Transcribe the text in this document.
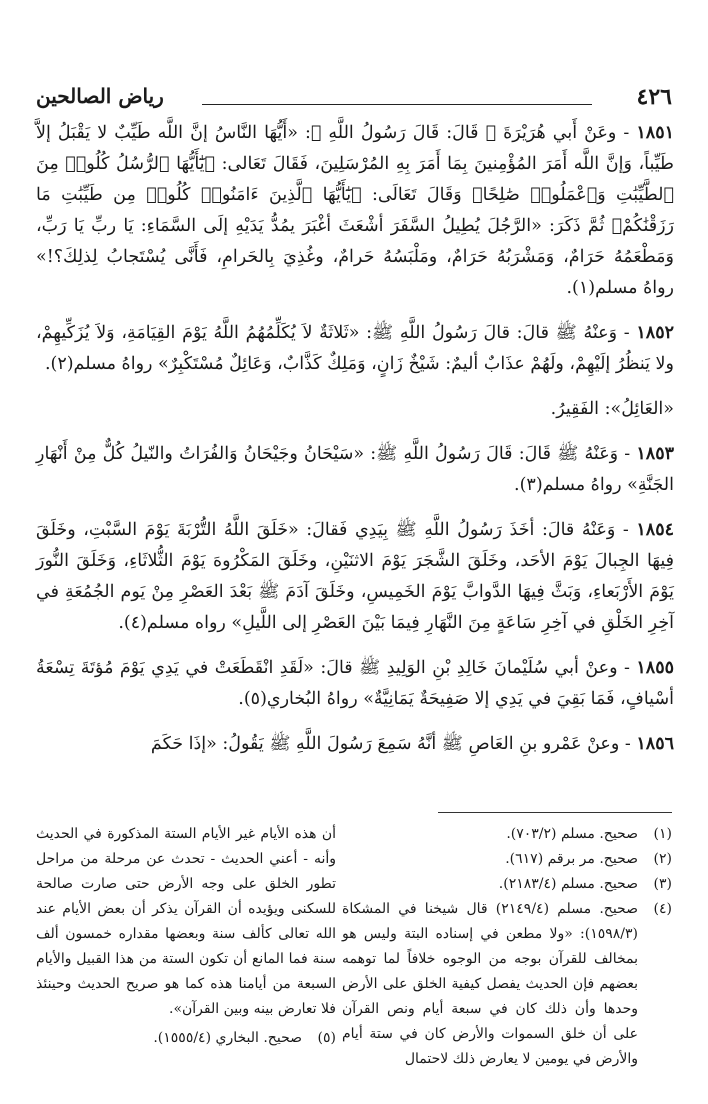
٤٢٦
رياض الصالحين

١٨٥١ - وعَنْ أَبي هُرَيْرَةَ ﷺ قَالَ: قَالَ رَسُولُ اللَّهِ ﷺ: «أَيُّهَا النَّاسُ إنَّ اللَّه طَيِّبٌ لا يَقْبَلُ إلاَّ طَيِّباً، وَإنَّ اللَّه أَمَرَ المُؤْمِنينَ بِمَا أَمَرَ بِهِ المُرْسَلِينَ، فَقَالَ تَعَالى: ﴿يَٰٓأَيُّهَا ٱلرُّسُلُ كُلُوا۟ مِنَ ٱلطَّيِّبَٰتِ وَٱعْمَلُوا۟ صَٰلِحًا﴾ وَقَالَ تَعَالَى: ﴿يَٰٓأَيُّهَا ٱلَّذِينَ ءَامَنُوا۟ كُلُوا۟ مِن طَيِّبَٰتِ مَا رَزَقْنَٰكُمْ﴾ ثُمَّ ذَكَرَ: «الرَّجُلَ يُطِيلُ السَّفَرَ أشْعَثَ أغْبَرَ يمُدُّ يَدَيْهِ إلَى السَّمَاءِ: يَا ربِّ يَا رَبِّ، وَمَطْعَمُهُ حَرَامٌ، وَمَشْرَبُهُ حَرَامٌ، ومَلْبَسُهُ حَرامٌ، وغُذِيَ بِالحَرامِ، فَأَنَّى يُسْتَجابُ لِذلِكَ؟!» رواهُ مسلم(١).

١٨٥٢ - وَعنْهُ ﷺ قالَ: قالَ رَسُولُ اللَّهِ ﷺ: «ثَلاثَةٌ لاَ يُكَلِّمُهُمُ اللَّهُ يَوْمَ القِيَامَةِ، وَلاَ يُزَكِّيهِمْ، ولا يَنظُرُ إلَيْهِمْ، ولَهُمْ عذَابٌ أليمٌ: شَيْخٌ زَانٍ، وَمَلِكٌ كَذَّابٌ، وَعَائِلٌ مُسْتَكْبِرٌ» رواهُ مسلم(٢).

«العَائِلُ»: الفَقِيرُ.

١٨٥٣ - وَعَنْهُ ﷺ قَالَ: قَالَ رَسُولُ اللَّهِ ﷺ: «سَيْحَانُ وجَيْحَانُ وَالفُرَاتُ والنّيلُ كُلٌّ مِنْ أَنْهَارِ الجَنَّةِ» رواهُ مسلم(٣).

١٨٥٤ - وَعَنْهُ قالَ: أخَذَ رَسُولُ اللَّهِ ﷺ بِيَدِي فَقالَ: «خَلَقَ اللَّهُ التُّرْبَةَ يَوْمَ السَّبْتِ، وخَلَقَ فِيهَا الجِبالَ يَوْمَ الأحَد، وخَلَقَ الشَّجَرَ يَوْمَ الاثنَيْنِ، وخَلَقَ المَكْرُوهَ يَوْمَ الثُّلاثَاءِ، وَخَلَقَ النُّورَ يَوْمَ الأَرْبَعاءِ، وَبَثَّ فِيهَا الدَّوابَّ يَوْمَ الخَمِيسِ، وخَلَقَ آدَمَ ﷺ بَعْدَ العَصْرِ مِنْ يَوم الجُمُعَةِ في آخِرِ الخَلْقِ في آخِرِ سَاعَةٍ مِنَ النَّهَارِ فِيمَا بَيْنَ العَصْرِ إلى اللَّيلِ» رواه مسلم(٤).

١٨٥٥ - وعنْ أبي سُلَيْمانَ خَالِدِ بْنِ الوَلِيدِ ﷺ قالَ: «لَقَدِ انْقَطَعَتْ في يَدِي يَوْمَ مُؤتَةَ تِسْعَةُ أسْيافٍ، فَمَا بَقِيَ في يَدِي إلا صَفِيحَةٌ يَمَانِيَّةٌ» رواهُ البُخاري(٥).

١٨٥٦ - وعنْ عَمْرو بنِ العَاصِ ﷺ أنَّهُ سَمِعَ رَسُولَ اللَّهِ ﷺ يَقُولُ: «إذَا حَكَمَ

(١)
صحيح. مسلم (٧٠٣/٢).
(٢)
صحيح. مر برقم (٦١٧).
(٣)
صحيح. مسلم (٢١٨٣/٤).
(٤)
صحيح. مسلم (٢١٤٩/٤) قال شيخنا في المشكاة (١٥٩٨/٣): «ولا مطعن في إسناده البتة وليس هو بمخالف للقرآن بوجه من الوجوه خلافاً لما توهمه بعضهم فإن الحديث يفصل كيفية الخلق على الأرض وحدها وأن ذلك كان في سبعة أيام ونص القرآن على أن خلق السموات والأرض كان في ستة أيام والأرض في يومين لا يعارض ذلك لاحتمال
أن هذه الأيام غير الأيام الستة المذكورة في الحديث وأنه - أعني الحديث - تحدث عن مرحلة من مراحل تطور الخلق على وجه الأرض حتى صارت صالحة للسكنى ويؤيده أن القرآن يذكر أن بعض الأيام عند الله تعالى كألف سنة وبعضها مقداره خمسون ألف سنة فما المانع أن تكون الستة من هذا القبيل والأيام السبعة من أيامنا هذه كما هو صريح الحديث وحينئذ فلا تعارض بينه وبين القرآن».
(٥)
صحيح. البخاري (١٥٥٥/٤).
